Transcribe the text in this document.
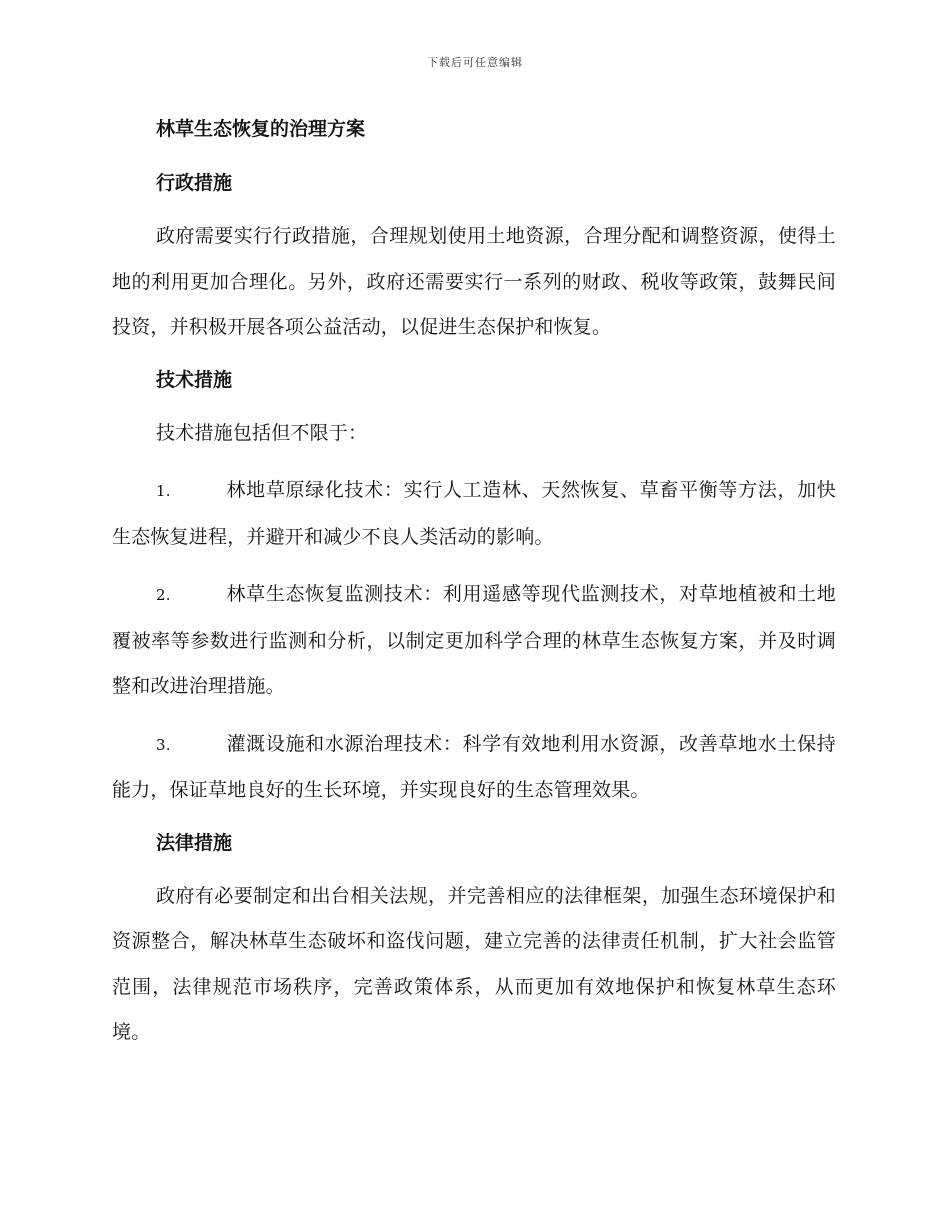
下载后可任意编辑
林草生态恢复的治理方案
行政措施

政府需要实行行政措施，合理规划使用土地资源，合理分配和调整资源，使得土地的利用更加合理化。另外，政府还需要实行一系列的财政、税收等政策，鼓舞民间投资，并积极开展各项公益活动，以促进生态保护和恢复。

技术措施

技术措施包括但不限于：

1.	林地草原绿化技术：实行人工造林、天然恢复、草畜平衡等方法，加快生态恢复进程，并避开和减少不良人类活动的影响。

2.	林草生态恢复监测技术：利用遥感等现代监测技术，对草地植被和土地覆被率等参数进行监测和分析，以制定更加科学合理的林草生态恢复方案，并及时调整和改进治理措施。

3.	灌溉设施和水源治理技术：科学有效地利用水资源，改善草地水土保持能力，保证草地良好的生长环境，并实现良好的生态管理效果。

法律措施

政府有必要制定和出台相关法规，并完善相应的法律框架，加强生态环境保护和资源整合，解决林草生态破坏和盗伐问题，建立完善的法律责任机制，扩大社会监管范围，法律规范市场秩序，完善政策体系，从而更加有效地保护和恢复林草生态环境。
